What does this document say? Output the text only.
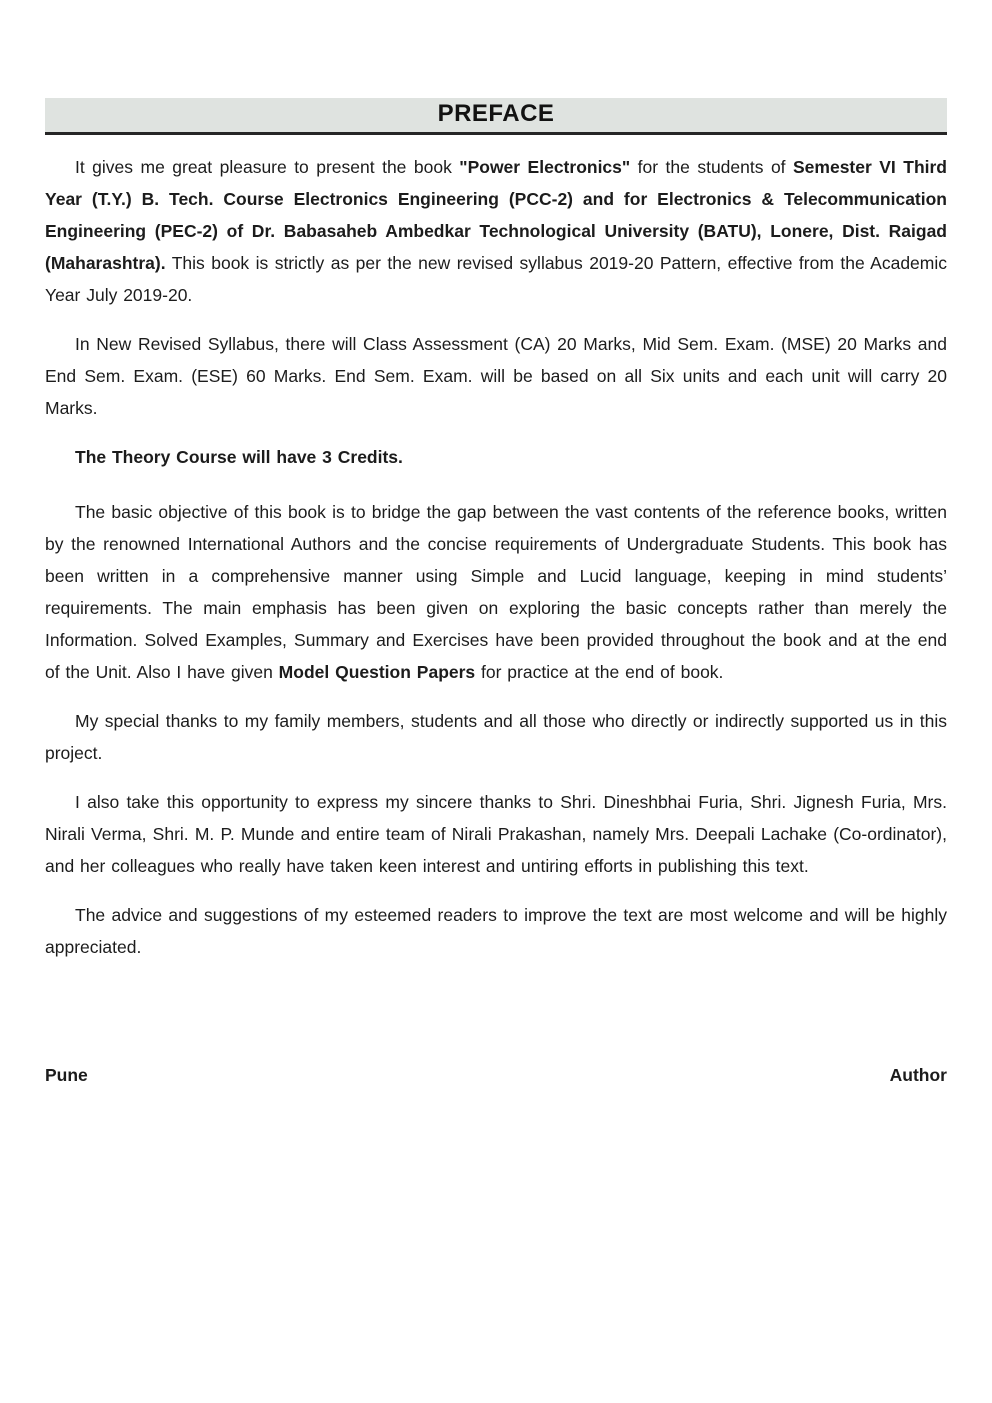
PREFACE

It gives me great pleasure to present the book "Power Electronics" for the students of Semester VI Third Year (T.Y.) B. Tech. Course Electronics Engineering (PCC-2) and for Electronics & Telecommunication Engineering (PEC-2) of Dr. Babasaheb Ambedkar Technological University (BATU), Lonere, Dist. Raigad (Maharashtra). This book is strictly as per the new revised syllabus 2019-20 Pattern, effective from the Academic Year July 2019-20.

In New Revised Syllabus, there will Class Assessment (CA) 20 Marks, Mid Sem. Exam. (MSE) 20 Marks and End Sem. Exam. (ESE) 60 Marks. End Sem. Exam. will be based on all Six units and each unit will carry 20 Marks.

The Theory Course will have 3 Credits.

The basic objective of this book is to bridge the gap between the vast contents of the reference books, written by the renowned International Authors and the concise requirements of Undergraduate Students. This book has been written in a comprehensive manner using Simple and Lucid language, keeping in mind students’ requirements. The main emphasis has been given on exploring the basic concepts rather than merely the Information. Solved Examples, Summary and Exercises have been provided throughout the book and at the end of the Unit. Also I have given Model Question Papers for practice at the end of book.

My special thanks to my family members, students and all those who directly or indirectly supported us in this project.

I also take this opportunity to express my sincere thanks to Shri. Dineshbhai Furia, Shri. Jignesh Furia, Mrs. Nirali Verma, Shri. M. P. Munde and entire team of Nirali Prakashan, namely Mrs. Deepali Lachake (Co-ordinator), and her colleagues who really have taken keen interest and untiring efforts in publishing this text.

The advice and suggestions of my esteemed readers to improve the text are most welcome and will be highly appreciated.

Pune	Author
